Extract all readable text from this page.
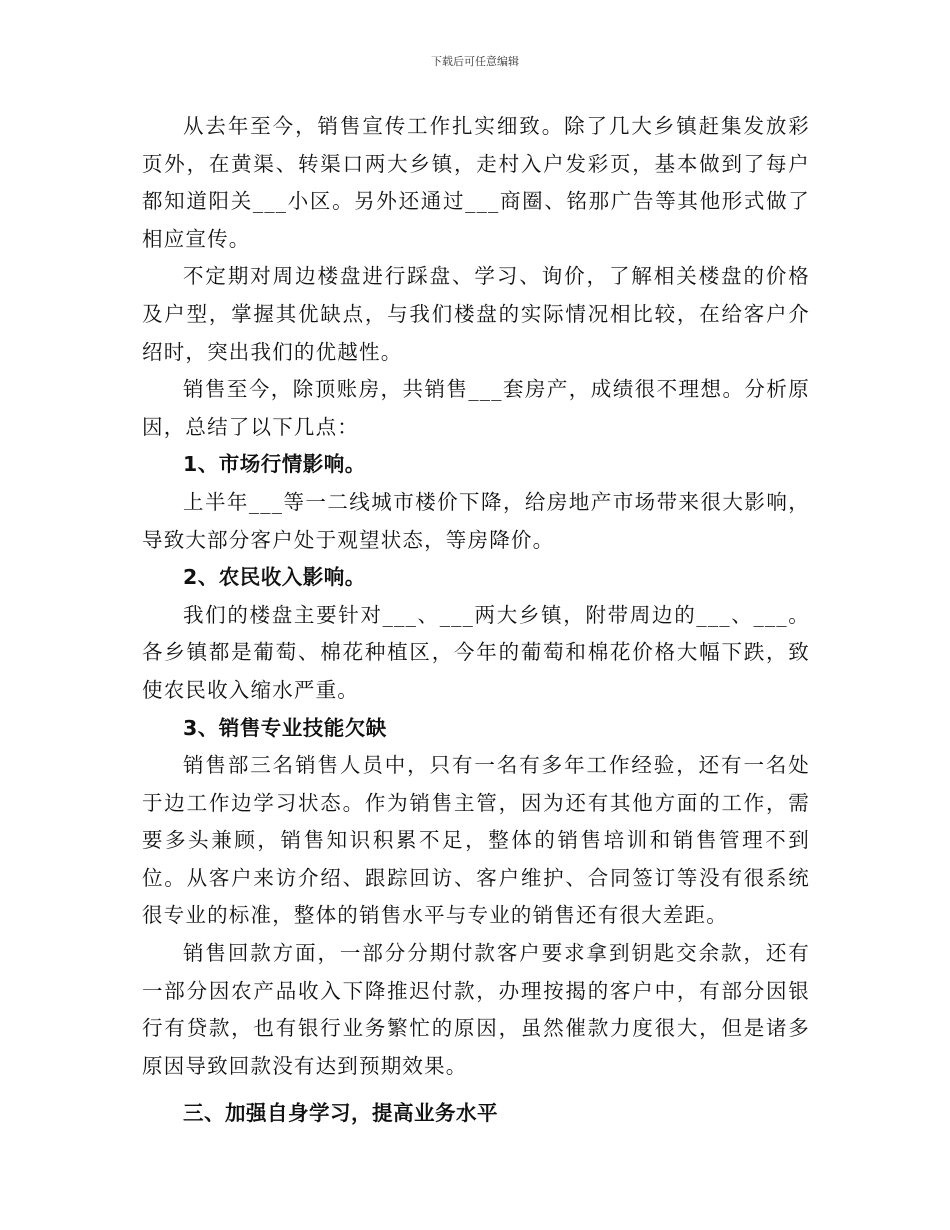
下载后可任意编辑

从去年至今，销售宣传工作扎实细致。除了几大乡镇赶集发放彩页外，在黄渠、转渠口两大乡镇，走村入户发彩页，基本做到了每户都知道阳关___小区。另外还通过___商圈、铭那广告等其他形式做了相应宣传。

不定期对周边楼盘进行踩盘、学习、询价，了解相关楼盘的价格及户型，掌握其优缺点，与我们楼盘的实际情况相比较，在给客户介绍时，突出我们的优越性。

销售至今，除顶账房，共销售___套房产，成绩很不理想。分析原因，总结了以下几点：

1、市场行情影响。

上半年___等一二线城市楼价下降，给房地产市场带来很大影响，导致大部分客户处于观望状态，等房降价。

2、农民收入影响。

我们的楼盘主要针对___、___两大乡镇，附带周边的___、___。各乡镇都是葡萄、棉花种植区，今年的葡萄和棉花价格大幅下跌，致使农民收入缩水严重。

3、销售专业技能欠缺

销售部三名销售人员中，只有一名有多年工作经验，还有一名处于边工作边学习状态。作为销售主管，因为还有其他方面的工作，需要多头兼顾，销售知识积累不足，整体的销售培训和销售管理不到位。从客户来访介绍、跟踪回访、客户维护、合同签订等没有很系统很专业的标准，整体的销售水平与专业的销售还有很大差距。

销售回款方面，一部分分期付款客户要求拿到钥匙交余款，还有一部分因农产品收入下降推迟付款，办理按揭的客户中，有部分因银行有贷款，也有银行业务繁忙的原因，虽然催款力度很大，但是诸多原因导致回款没有达到预期效果。

三、加强自身学习，提高业务水平
